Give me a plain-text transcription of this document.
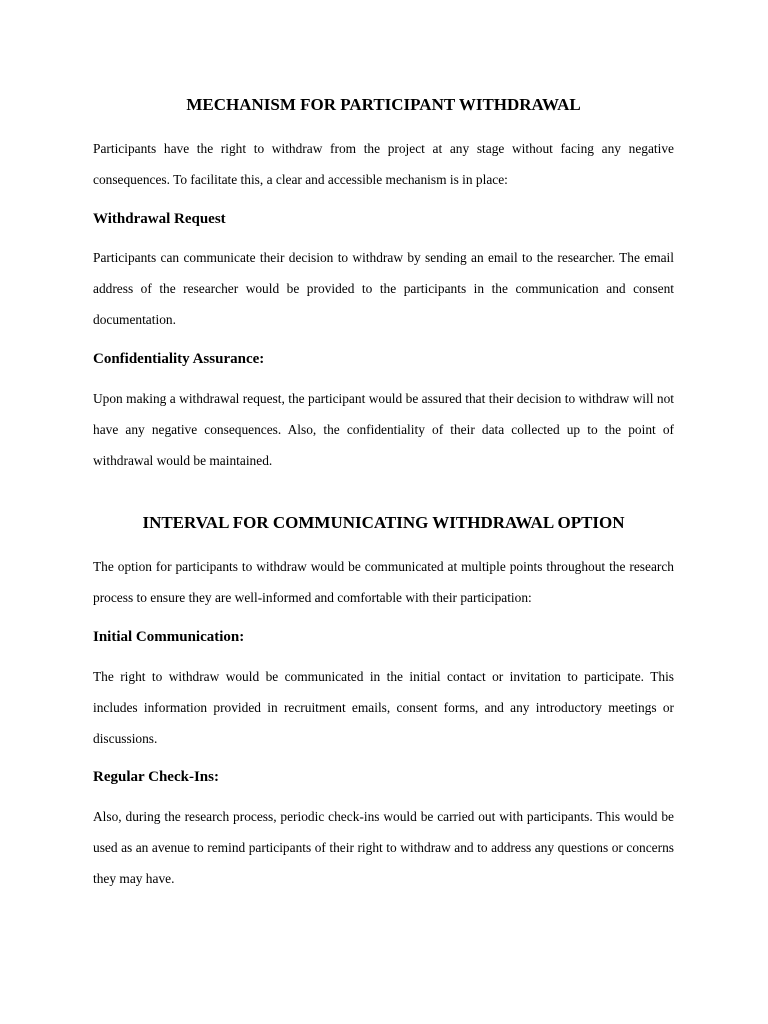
MECHANISM FOR PARTICIPANT WITHDRAWAL

Participants have the right to withdraw from the project at any stage without facing any negative consequences. To facilitate this, a clear and accessible mechanism is in place:

Withdrawal Request

Participants can communicate their decision to withdraw by sending an email to the researcher. The email address of the researcher would be provided to the participants in the communication and consent documentation.

Confidentiality Assurance:

Upon making a withdrawal request, the participant would be assured that their decision to withdraw will not have any negative consequences. Also, the confidentiality of their data collected up to the point of withdrawal would be maintained.

INTERVAL FOR COMMUNICATING WITHDRAWAL OPTION

The option for participants to withdraw would be communicated at multiple points throughout the research process to ensure they are well-informed and comfortable with their participation:

Initial Communication:

The right to withdraw would be communicated in the initial contact or invitation to participate. This includes information provided in recruitment emails, consent forms, and any introductory meetings or discussions.

Regular Check-Ins:

Also, during the research process, periodic check-ins would be carried out with participants. This would be used as an avenue to remind participants of their right to withdraw and to address any questions or concerns they may have.
